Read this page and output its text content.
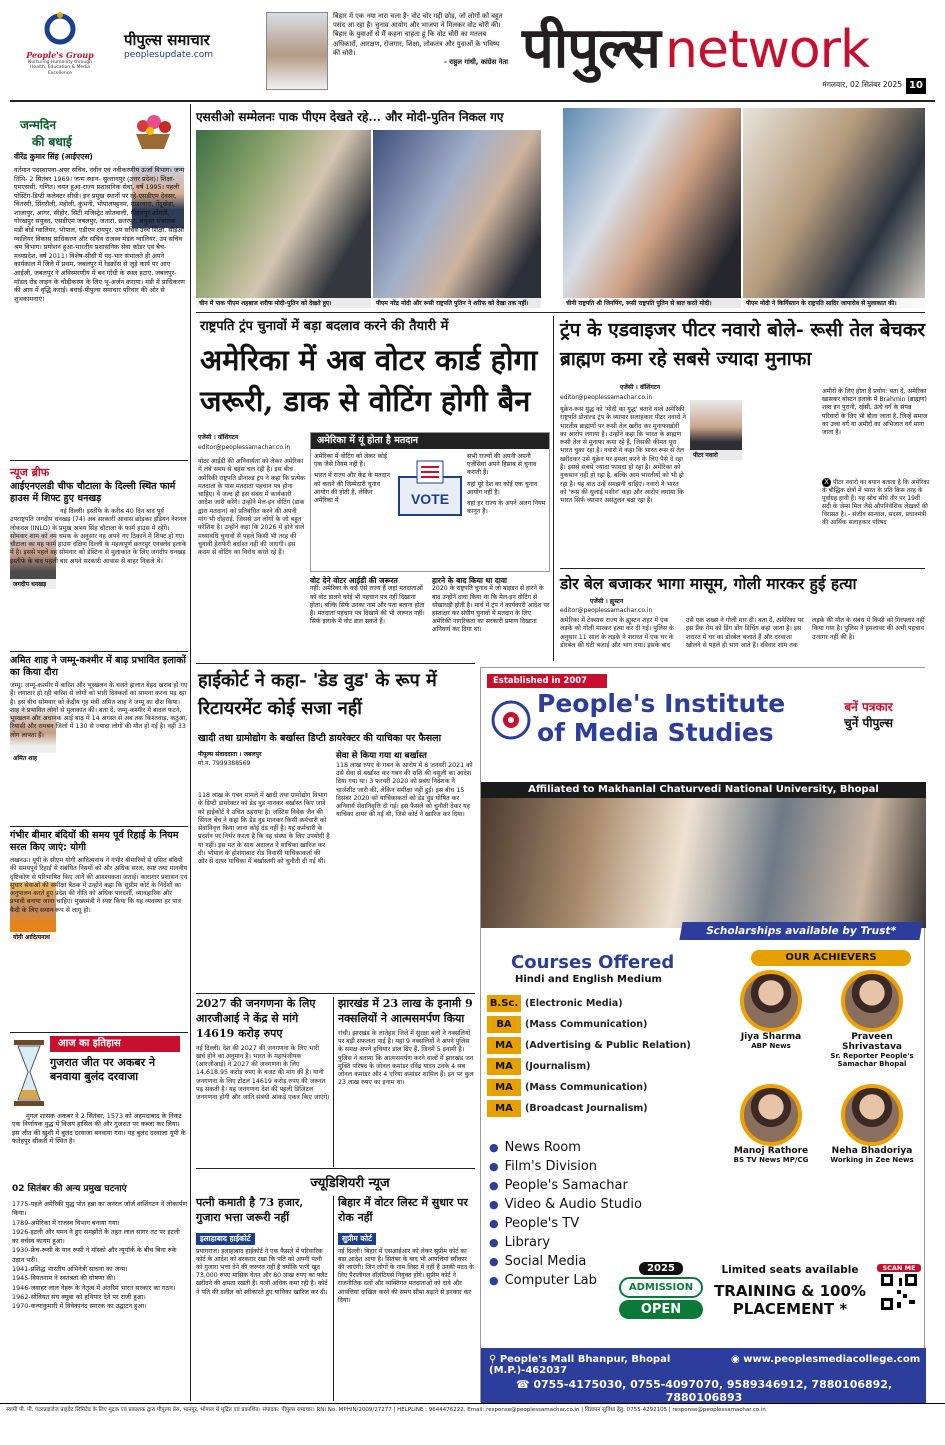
People's Group
Nurturing Humanity through Health, Education & Media Excellence
पीपुल्स समाचार
peoplesupdate.com
बिहार में एक नया नारा चला है- वोट चोर गद्दी छोड़, जो लोगों को बहुत पसंद आ रहा है। चुनाव आयोग और भाजपा ने मिलकर वोट चोरी की। बिहार के युवाओं से मैं कहना चाहता हूं कि वोट चोरी का मतलब अधिकारों, आरक्षण, रोजगार, शिक्षा, लोकतंत्र और युवाओं के भविष्य की चोरी।
- राहुल गांधी, कांग्रेस नेता पीपुल्स network
मंगलवार, 02 सितंबर 2025 10
जन्मदिन
की बधाई
वीरेंद्र कुमार सिंह (आईएएस)
वर्तमान पदस्थापना-अपर सचिव, नवीन एवं नवीकरणीय ऊर्जा विभाग। जन्म तिथि- 2 सितंबर 1969। जन्म स्थान- सुल्तानपुर (उत्तर प्रदेश)। शिक्षा-एमएससी, गणित। चयन हुआ-राज्य प्रशासनिक सेवा, वर्ष 1995। पहली पोस्टिंग-डिप्टी कलेक्टर सीधी। इन प्रमुख स्थानों पर रहे-एसडीएम देवसर, चितरंगी, सिंगरौली, महोली, कुंभनी, भोपालपट्टनम, गाडरवारा, तेंदूखेड़ा, शाजापुर, आगर, सीहोर, सिटी मजिस्ट्रेट कोतवाली, गोहलपुर ओमती, गोरखपुर संयुक्त, एसडीएम जबलपुर, जतारा, छतरपुर, संयुक्त संचालक मंडी बोर्ड ग्वालियर, भोपाल, एडीएम रायपुर, उप सचिव उच्च शिक्षा, सीईओ ग्वालियर विकास प्राधिकरण और सचिव राजस्व मंडल ग्वालियर, उप सचिव श्रम विभाग। प्रमोशन हुआ-भारतीय प्रशासनिक सेवा कॉडर एवं बैच-मध्यप्रदेश, वर्ष 2011। विशेष-सीधी में पद-भार संभालते ही अपने कार्यकाल में जिले में प्रथम, जबलपुर में रेडक्रॉस से जुड़े कार्य पर आए आईजी, जबलपुर ने अविस्मरणीय में बन गाँधी के स्थल हटाए, जबलपुर-मॉडल रोड लाइन के चौड़ीकरण के लिए भू-अर्जन कराया। मंडी में प्राधिकरण की आय में वृद्धि कराई। बधाई-पीपुल्स समाचार परिवार की ओर से शुभकामनाएं।
न्यूज ब्रीफ
आईएनएलडी चीफ चौटाला के दिल्ली स्थित फार्म हाउस में शिफ्ट हुए धनखड़
जगदीप धनखड़
नई दिल्ली। इस्तीफे के करीब 40 दिन बाद पूर्व उपराष्ट्रपति जगदीप धनखड़ (74) अब सरकारी आवास छोड़कर इंडियन नेशनल लोकदल (INLD) के प्रमुख अभय सिंह चौटाला के फार्म हाउस में रहेंगे। सोमवार शाम को नम चमक के अनुसार वह अपने नए ठिकाने में शिफ्ट हो गए। चौटाला का यह फार्म हाउस दक्षिण दिल्ली के महत्वपूर्ण छतरपुर एनक्लेव इलाके में है। इससे पहले वह सोमवार को डेस्टिना से मुलाकात के लिए जगदीप धनखड़ इस्तीफे के बाद पहली बार अपने सरकारी आवास से बाहर निकले थे।
अमित शाह ने जम्मू-कश्मीर में बाढ़ प्रभावित इलाकों का किया दौरा
अमित शाह
जम्मू। जम्मू-कश्मीर में बारिश और भूस्खलन के चलते हालात बेहद खराब हो गए हैं। लगातार हो रही बारिश से लोगों को भारी दिक्कतों का सामना करना पड़ रहा है। इस बीच सोमवार को केंद्रीय गृह मंत्री अमित शाह ने जम्मू का दौरा किया। शाह ने प्रभावित लोगों से मुलाकात की। बता दें, जम्मू-कश्मीर में बादल फटने, भूस्खलन और अचानक आई बाढ़ में 14 अगस्त से अब तक किश्तवाड़, कठुआ, रियासी और रामबन जिलों में 130 से ज्यादा लोगों की मौत हो गई है। वहीं 33 लोग लापता हैं।
गंभीर बीमार बंदियों की समय पूर्व रिहाई के नियम सरल किए जाएं: योगी
योगी आदित्यनाथ
लखनऊ। यूपी के सीएम योगी आदित्यनाथ ने गंभीर बीमारियों से ग्रसित बंदियों की समयपूर्व रिहाई से संबंधित नियमों को और अधिक सरल, स्पष्ट तथा मानवीय दृष्टिकोण से परिभाषित किए जाने की आवश्यकता जताई। कारागार प्रशासन एवं सुधार सेवाओं की समीक्षा बैठक में उन्होंने कहा कि सुप्रीम कोर्ट के निर्देशों का अनुपालन करते हुए प्रदेश की नीति को अधिक पारदर्शी, व्यावहारिक और प्रभावी बनाया जाना चाहिए। मुख्यमंत्री ने स्पष्ट किया कि यह व्यवस्था हर पात्र कैदी के लिए समान रूप से लागू हो।
आज का इतिहास
गुजरात जीत पर अकबर ने बनवाया बुलंद दरवाजा
मुगल शासक अकबर ने 2 सितंबर, 1573 को अहमदाबाद के निकट एक निर्णायक युद्ध में विजय हासिल की और गुजरात पर कब्जा कर लिया। इस जीत की खुशी में बुलंद दरवाजा बनवाया गया। यह बुलंद दरवाजा यूपी के फतेहपुर सीकरी में स्थित है।
02 सितंबर की अन्य प्रमुख घटनाएं
1775-पहले अमेरिकी युद्ध पोत हन्ना का जनरल जॉर्ज वाशिंगटन ने लोकार्पण किया।
1789-अमेरिका में राजस्व विभाग बनाया गया।
1926-इटली और यमन ने हुए समझौते के तहत लाल सागर तट पर इटली का वर्चस्व कायम हुआ।
1930-फ्रेंच-रूसी के यान रूसी ने मॉस्को और न्यूयॉर्क के बीच बिना रुके उड़ान भरी।
1941-प्रशिद्ध भारतीय अभिनेत्री साधना का जन्म।
1945-वियतनाम ने स्वतंत्रता की घोषणा की।
1946-जवाहर लाल नेहरू के नेतृत्व में अंतरिम भारत सरकार का गठन।
1962-सोवियत संघ क्यूबा को हथियार देने पर राजी हुआ।
1970-कन्याकुमारी में विवेकानंद स्मारक का उद्घाटन हुआ।
एससीओ सम्मेलनः पाक पीएम देखते रहे... और मोदी-पुतिन निकल गए
चीन में पाक पीएम शहबाज शरीफ मोदी-पुतिन को देखते हुए।	पीएम नरेंद्र मोदी और रूसी राष्ट्रपति पुतिन ने शरीफ को देखा तक नहीं।	चीनी राष्ट्रपति शी जिनपिंग, रूसी राष्ट्रपति पुतिन से बात करते मोदी।	पीएम मोदी ने किर्गिस्तान के राष्ट्रपति सादिर जापारोव से मुलाकात की।
राष्ट्रपति ट्रंप चुनावों में बड़ा बदलाव करने की तैयारी में
अमेरिका में अब वोटर कार्ड होगा जरूरी, डाक से वोटिंग होगी बैन
एजेंसी । वॉशिंगटन
editor@peoplessamachar.co.in
वोटर आईडी की अनिवार्यता को लेकर अमेरिका में लंबे समय से बहस चल रही है। इस बीच अमेरिकी राष्ट्रपति डोनाल्ड ट्रंप ने कहा कि प्रत्येक मतदाता के पास मतदाता पहचान पत्र होना चाहिए। वे जल्द ही इस संबंध में कार्यकारी आदेश जारी करेंगे। उन्होंने मेल-इन वोटिंग (डाक द्वारा मतदान) को प्रतिबंधित करने की अपनी मांग भी दोहराई, जिससे उन लोगों के जो बहुत कोशिश है। उन्होंने कहा कि 2026 में होने वाले मध्यावधि चुनावों से पहले किसी भी तरह की चुनावी हेराफेरी बर्दाश्त नहीं की जाएगी। इस कदम से वोटिंग का विरोध करते रहे हैं।
अमेरिका में यूं होता है मतदान
अमेरिका में वोटिंग को लेकर कोई एक जैसे नियम नहीं हैं।
भारत में राज्य और केंद्र के मतदान को कराने की जिम्मेदारी चुनाव आयोग की होती है, लेकिन अमेरिका में	VOTE
सभी राज्यों की अपनी अपनी एजेंसियां अपने हिसाब से चुनाव कराती हैं।
यहां पूरे देश का कोई एक चुनाव आयोग नहीं है।
वहां हर राज्य के अपने अलग नियम कानून हैं।
वोट देने वोटर आईडी की जरूरत
नहीं: अमेरिका के कई ऐसे राज्य हैं जहां मतदाताओं को वोट डालने कोई भी पहचान पत्र नहीं दिखाना होता। बल्कि सिर्फ उनका नाम और पता बताना होता है। मतदाता पहचान पत्र दिखाने की भी जरूरत नहीं। सिर्फ इलाके में वोट डाल सकते हैं।
हारने के बाद किया था दावा
2020 के राष्ट्रपति चुनाव में जो बाइडन से हारने के बाद उन्होंने दावा किया था कि मेल-इन वोटिंग से धोखाधड़ी होती है। मार्च में ट्रंप ने कार्यकारी आदेश पर हस्ताक्षर कर संघीय चुनावों में मतदान के लिए अमेरिकी नागरिकता का सरकारी प्रमाण दिखाना अनिवार्य कर दिया था।
ट्रंप के एडवाइजर पीटर नवारो बोले- रूसी तेल बेचकर ब्राह्मण कमा रहे सबसे ज्यादा मुनाफा
एजेंसी । वॉशिंगटन
editor@peoplessamachar.co.in
यूक्रेन-रूस युद्ध को 'मोदी का युद्ध' बताने वाले अमेरिकी राष्ट्रपति डोनाल्ड ट्रंप के व्यापार सलाहकार पीटर नवारो ने भारतीय ब्राह्मणों पर रूसी तेल खरीद कर मुनाफाखोरी का आरोप लगाया है। उन्होंने कहा कि भारत के ब्राह्मण रूसी तेल से मुनाफा कमा रहे हैं, जिसकी कीमत पूरा भारत चुका रहा है। नवारो ने कहा कि भारत रूस से तेल खरीदकर उसे यूक्रेन पर हमला करने के लिए पैसे दे रहा है। इससे सबसे ज्यादा फायदा हो रहा है। अमेरिका को नुकसान नहीं हो रहा है, बल्कि आम भारतीयों को भी हो रहा है। यह बात उन्हें समझनी चाहिए। नवारो ने भारत को 'रूस की धुलाई मशीन' कहा और आरोप लगाया कि भारत सिर्फ व्यापार असंतुलन बढ़ा रहा है।
पीटर नवारो
अमीरों के लिए होता है प्रयोग: बता दें, अमेरिका खासकर बोस्टन इलाके में Brahmin (ब्राह्मण) शब्द इन पुरानी, रईसी, ऊंचे वर्ग के संपन्न परिवारों के लिए भी बोला जाता है, जिन्हें समाज का उच्च वर्ग या अमीरों का अभिजात वर्ग माना जाता है।
X पीटर नवारो का बयान बताता है कि अमेरिका के बौद्धिक क्षेत्रों में भारत के प्रति किस तरह के पूर्वाग्रह हावी हैं। यह सोच सीधे तौर पर 19वीं सदी के जेम्स मिल जैसे औपनिवेशिक लेखकों की विरासत है। - संजीव सान्याल, सदस्य, प्रधानमंत्री की आर्थिक सलाहकार परिषद
डोर बेल बजाकर भागा मासूम, गोली मारकर हुई हत्या
एजेंसी । ह्यूस्टन
editor@peoplessamachar.co.in
अमेरिका में टेक्सास राज्य के ह्यूस्टन शहर में एक लड़के को गोली मारकर हत्या कर दी गई। पुलिस के अनुसार 11 साल के लड़के ने शरारत में एक घर के डोरबेल की घंटी बजाई और भाग गया। इसके बाद उसे एक शख्स ने गोली मार दी। बता दें, अमेरिका पर इस प्रैंक गेम को डिंग डोंग डिचिंग कहा जाता है। इस शरारत में घर का डोरबेल बजाते हैं और दरवाजा खोलने से पहले ही भाग जाते हैं। रविवार शाम तक लड़के की मौत के संबंध में किसी को गिरफ्तार नहीं किया गया है। पुलिस ने हमलावर की अभी पहचान उजागर नहीं की है।
हाईकोर्ट ने कहा- 'डेड वुड' के रूप में रिटायरमेंट कोई सजा नहीं
खादी तथा ग्रामोद्योग के बर्खास्त डिप्टी डायरेक्टर की याचिका पर फैसला
पीपुल्स संवाददाता । जबलपुर
मो.न. 7999388569
118 लाख के गबन मामले में खादी तथा ग्रामोद्योग विभाग के डिप्टी डायरेक्टर को डेड वुड मानकर बर्खास्त किए जाने को हाईकोर्ट ने उचित ठहराया है। जस्टिस विवेक जैन की सिंगल बेंच ने कहा कि डेड वुड मानकर किसी कर्मचारी को सेवानिवृत्त किया जाना कोई दंड नहीं है। यह कर्मचारी के प्रदर्शन पर निर्भर करता है कि वह संस्था के लिए उपयोगी है या नहीं। इस मत के साथ अदालत ने याचिका खारिज कर दी। भोपाल के होशंगाबाद रोड निवासी याचिकाकर्ता की ओर से दायर याचिका में बर्खास्तगी को चुनौती दी गई थी।
सेवा से किया गया था बर्खास्त
118 लाख रुपए के गबन के आरोप में 8 जनवरी 2021 को उसे सेवा से बर्खास्त कर गबन की राशि की वसूली का आदेश दिया गया था। 3 फरवरी 2020 को प्रबंध निदेशक ने चार्जशीट जारी की, लेकिन समीक्षा नहीं हुई। इस बीच 15 दिसंबर 2020 को याचिकाकर्ता को डेड वुड घोषित कर अनिवार्य सेवानिवृत्ति दी गई। इस फैसले को चुनौती देकर यह याचिका दायर की गई थी, जिसे कोर्ट ने खारिज कर दिया।
2027 की जनगणना के लिए आरजीआई ने केंद्र से मांगे 14619 करोड़ रुपए
नई दिल्ली। देश की 2027 की जनगणना के लिए भारी खर्च होने का अनुमान है। भारत के महापंजीयक (आरजीआई) ने 2027 की जनगणना के लिए 14,618.95 करोड़ रुपए के बजट की मांग की है। यानी जनगणना के लिए टोटल 14619 करोड़ रुपए की जरूरत पड़ सकती है। यह जनगणना देश की पहली डिजिटल जनगणना होगी और जाति संबंधी आंकड़े एकत्र किए जाएंगे।
झारखंड में 23 लाख के इनामी 9 नक्सलियों ने आत्मसमर्पण किया
रांची। झारखंड के लातेहार जिले में सुरक्षा बलों ने नक्सलियों पर बड़ी सफलता पाई है। यहां 9 नक्सलियों ने अपने पुलिस के समक्ष अपने हथियार डाल दिए हैं, जिनमें 5 इनामी हैं। पुलिस ने बताया कि आत्मसमर्पण करने वालों में झारखंड जन मुक्ति परिषद के जोनल कमांडर रविंद्र यादव उनके 4 सब जोनल कमांडर और 4 एरिया कमांडर शामिल हैं। इन पर कुल 23 लाख रुपए का इनाम था।
ज्यूडिशियरी न्यूज
पत्नी कमाती है 73 हजार, गुजारा भत्ता जरूरी नहीं
इलाहाबाद हाईकोर्ट
प्रयागराज। इलाहाबाद हाईकोर्ट ने एक फैसले में परिवारिक कोर्ट के आदेश को बरकरार रखा कि पति को अपनी पत्नी को गुजारा भत्ता देने की जरूरत नहीं है क्योंकि पत्नी खुद 73,000 रुपए मासिक वेतन और 80 लाख रुपए का फ्लैट खरीदने की क्षमता रखती है। पत्नी अधिक कमा रही है। कोर्ट ने पति की दलील को स्वीकारते हुए याचिका खारिज कर दी।
बिहार में वोटर लिस्ट में सुधार पर रोक नहीं
सुप्रीम कोर्ट
नई दिल्ली। बिहार में एसआईआर को लेकर सुप्रीम कोर्ट का बड़ा आदेश आया है। सितंबर के बाद भी आपत्तियां स्वीकार की जाएंगी। जिन लोगों के नाम लिस्ट में नहीं हैं उनकी मदद के लिए पैरालीगल वॉलंटियर्स नियुक्त होंगे। सुप्रीम कोर्ट ने राजनीतिक दलों और व्यक्तिगत मतदाताओं को दावे और आपत्तियां दाखिल करने की समय सीमा बढ़ाने से इनकार कर दिया।
Established in 2007
People's Institute
of Media Studies
बनें पत्रकार
चुनें पीपुल्स
Affiliated to Makhanlal Chaturvedi National University, Bhopal
Scholarships available by Trust*
Courses Offered
Hindi and English Medium
B.Sc. (Electronic Media)
BA	(Mass Communication)
MA	(Advertising & Public Relation)
MA	(Journalism)
MA	(Mass Communication)
MA	(Broadcast Journalism)
● News Room
● Film's Division
● People's Samachar
● Video & Audio Studio
● People's TV
● Library
● Social Media
● Computer Lab
OUR ACHIEVERS
Jiya Sharma
ABP News
Praveen Shrivastava
Sr. Reporter People's Samachar Bhopal
Manoj Rathore
BS TV News MP/CG
Neha Bhadoriya
Working in Zee News
2025
ADMISSION
OPEN
Limited seats available
TRAINING & 100%
PLACEMENT *
SCAN ME
⚲ People's Mall Bhanpur, Bhopal (M.P.)-462037
◉ www.peoplesmediacollege.com
☎ 0755-4175030, 0755-4097070, 9589346912, 7880106892, 7880106893
स्वामी पी. पी. एंटरप्राइजेज प्राइवेट लिमिटेड के लिए मुद्रक एवं प्रकाशक द्वारा पीपुल्स प्रेस, भानपुर, भोपाल से मुद्रित एवं प्रकाशित। संपादक: पीपुल्स समाचार। RNI No. MPHIN/2009/27277 | HELPLINE : 9644476222, Email: response@peoplessamachar.co.in | विज्ञापन सुविधा हेतु: 0755-4292105 | response@peoplessamachar.co.in
